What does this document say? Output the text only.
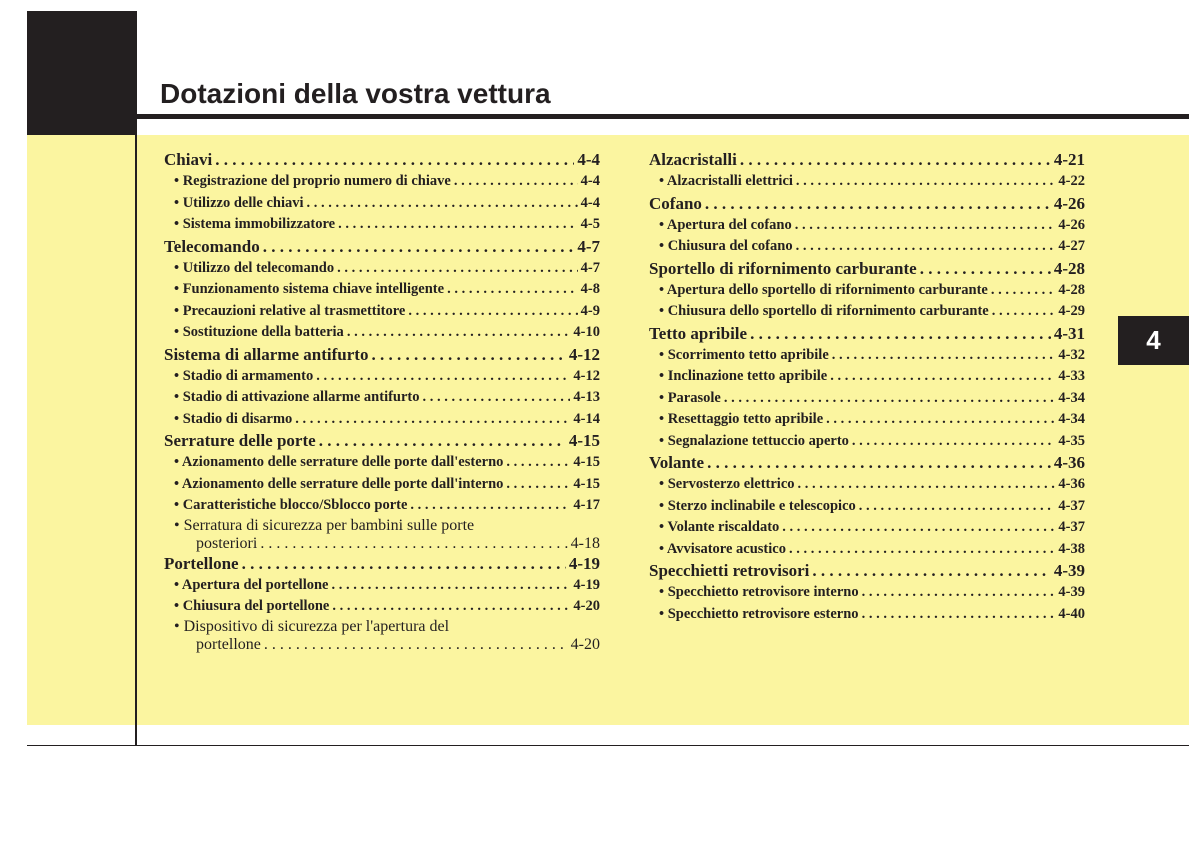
Dotazioni della vostra vettura
4
Chiavi . . .	4-4
• Registrazione del proprio numero di chiave . . .	4-4
• Utilizzo delle chiavi . . .	4-4
• Sistema immobilizzatore . . .	4-5
Telecomando . . .	4-7
• Utilizzo del telecomando . . .	4-7
• Funzionamento sistema chiave intelligente . . .	4-8
• Precauzioni relative al trasmettitore . . .	4-9
• Sostituzione della batteria . . .	4-10
Sistema di allarme antifurto . . .	4-12
• Stadio di armamento . . .	4-12
• Stadio di attivazione allarme antifurto . . .	4-13
• Stadio di disarmo . . .	4-14
Serrature delle porte . . .	4-15
• Azionamento delle serrature delle porte dall'esterno . . .	4-15
• Azionamento delle serrature delle porte dall'interno . . .	4-15
• Caratteristiche blocco/Sblocco porte . . .	4-17
• Serratura di sicurezza per bambini sulle porte
posteriori . . .	4-18
Portellone . . .	4-19
• Apertura del portellone . . .	4-19
• Chiusura del portellone . . .	4-20
• Dispositivo di sicurezza per l'apertura del
portellone . . .	4-20
Alzacristalli . . .	4-21
• Alzacristalli elettrici . . .	4-22
Cofano . . .	4-26
• Apertura del cofano . . .	4-26
• Chiusura del cofano . . .	4-27
Sportello di rifornimento carburante . . .	4-28
• Apertura dello sportello di rifornimento carburante . . .	4-28
• Chiusura dello sportello di rifornimento carburante . . .	4-29
Tetto apribile . . .	4-31
• Scorrimento tetto apribile . . .	4-32
• Inclinazione tetto apribile . . .	4-33
• Parasole . . .	4-34
• Resettaggio tetto apribile . . .	4-34
• Segnalazione tettuccio aperto . . .	4-35
Volante . . .	4-36
• Servosterzo elettrico . . .	4-36
• Sterzo inclinabile e telescopico . . .	4-37
• Volante riscaldato . . .	4-37
• Avvisatore acustico . . .	4-38
Specchietti retrovisori . . .	4-39
• Specchietto retrovisore interno . . .	4-39
• Specchietto retrovisore esterno . . .	4-40
